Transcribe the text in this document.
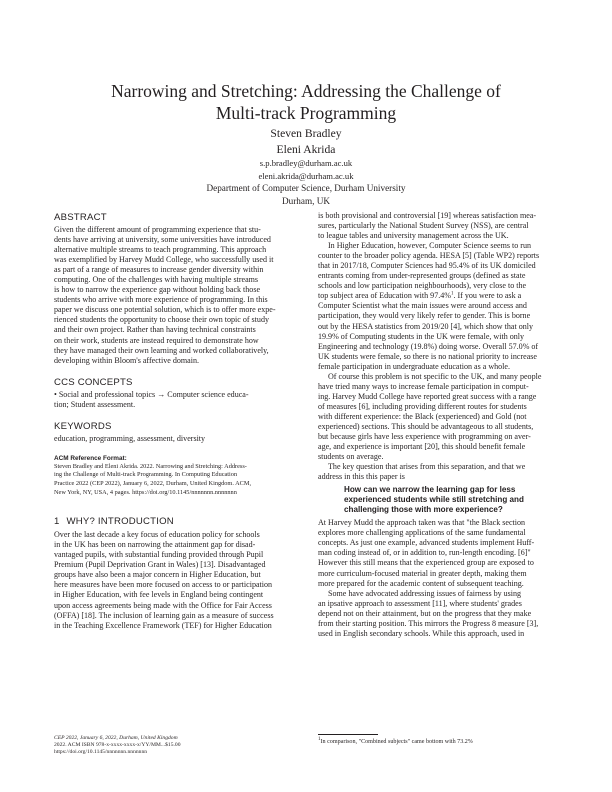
Narrowing and Stretching: Addressing the Challenge of
Multi-track Programming
Steven Bradley
Eleni Akrida
s.p.bradley@durham.ac.uk
eleni.akrida@durham.ac.uk
Department of Computer Science, Durham University
Durham, UK
ABSTRACT
Given the different amount of programming experience that stu-
dents have arriving at university, some universities have introduced
alternative multiple streams to teach programming. This approach
was exemplified by Harvey Mudd College, who successfully used it
as part of a range of measures to increase gender diversity within
computing. One of the challenges with having multiple streams
is how to narrow the experience gap without holding back those
students who arrive with more experience of programming. In this
paper we discuss one potential solution, which is to offer more expe-
rienced students the opportunity to choose their own topic of study
and their own project. Rather than having technical constraints
on their work, students are instead required to demonstrate how
they have managed their own learning and worked collaboratively,
developing within Bloom's affective domain.
CCS CONCEPTS
• Social and professional topics → Computer science educa-
tion; Student assessment.
KEYWORDS
education, programming, assessment, diversity
ACM Reference Format:
Steven Bradley and Eleni Akrida. 2022. Narrowing and Stretching: Address-
ing the Challenge of Multi-track Programming. In Computing Education
Practice 2022 (CEP 2022), January 6, 2022, Durham, United Kingdom. ACM,
New York, NY, USA, 4 pages. https://doi.org/10.1145/nnnnnnn.nnnnnnn
1 WHY? INTRODUCTION
Over the last decade a key focus of education policy for schools
in the UK has been on narrowing the attainment gap for disad-
vantaged pupils, with substantial funding provided through Pupil
Premium (Pupil Deprivation Grant in Wales) [13]. Disadvantaged
groups have also been a major concern in Higher Education, but
here measures have been more focused on access to or participation
in Higher Education, with fee levels in England being contingent
upon access agreements being made with the Office for Fair Access
(OFFA) [18]. The inclusion of learning gain as a measure of success
in the Teaching Excellence Framework (TEF) for Higher Education
CEP 2022, January 6, 2022, Durham, United Kingdom
2022. ACM ISBN 978-x-xxxx-xxxx-x/YY/MM...$15.00
https://doi.org/10.1145/nnnnnnn.nnnnnnn
is both provisional and controversial [19] whereas satisfaction mea-
sures, particularly the National Student Survey (NSS), are central
to league tables and university management across the UK.
In Higher Education, however, Computer Science seems to run
counter to the broader policy agenda. HESA [5] (Table WP2) reports
that in 2017/18, Computer Sciences had 95.4% of its UK domiciled
entrants coming from under-represented groups (defined as state
schools and low participation neighbourhoods), very close to the
top subject area of Education with 97.4%$^1$. If you were to ask a
Computer Scientist what the main issues were around access and
participation, they would very likely refer to gender. This is borne
out by the HESA statistics from 2019/20 [4], which show that only
19.9% of Computing students in the UK were female, with only
Engineering and technology (19.8%) doing worse. Overall 57.0% of
UK students were female, so there is no national priority to increase
female participation in undergraduate education as a whole.
Of course this problem is not specific to the UK, and many people
have tried many ways to increase female participation in comput-
ing. Harvey Mudd College have reported great success with a range
of measures [6], including providing different routes for students
with different experience: the Black (experienced) and Gold (not
experienced) sections. This should be advantageous to all students,
but because girls have less experience with programming on aver-
age, and experience is important [20], this should benefit female
students on average.
The key question that arises from this separation, and that we
address in this this paper is
How can we narrow the learning gap for less
experienced students while still stretching and
challenging those with more experience?
At Harvey Mudd the approach taken was that "the Black section
explores more challenging applications of the same fundamental
concepts. As just one example, advanced students implement Huff-
man coding instead of, or in addition to, run-length encoding. [6]"
However this still means that the experienced group are exposed to
more curriculum-focused material in greater depth, making them
more prepared for the academic content of subsequent teaching.
Some have advocated addressing issues of fairness by using
an ipsative approach to assessment [11], where students' grades
depend not on their attainment, but on the progress that they make
from their starting position. This mirrors the Progress 8 measure [3],
used in English secondary schools. While this approach, used in
$^1$In comparison, "Combined subjects" came bottom with 73.2%
